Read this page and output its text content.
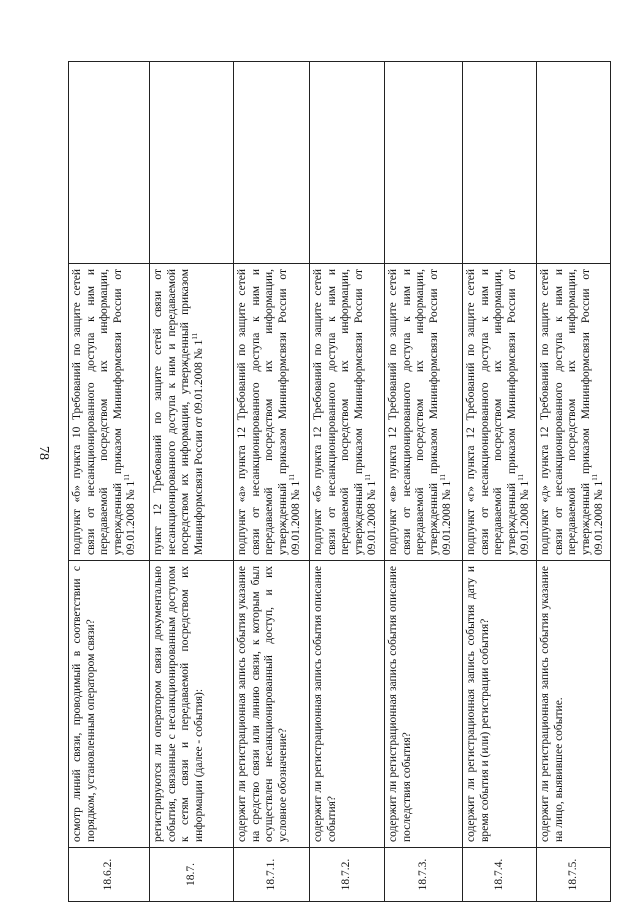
78
18.6.2.	осмотр линий связи, проводимый в соответствии с порядком, установленным оператором связи?	подпункт «б» пункта 10 Требований по защите сетей связи от несанкционированного доступа к ним и передаваемой посредством их информации, утвержденный приказом Мининформсвязи России от 09.01.2008 № $1^{11}$	
18.7.	регистрируются ли оператором связи документально события, связанные с несанкционированным доступом к сетям связи и передаваемой посредством их информации (далее - события):	пункт 12 Требований по защите сетей связи от несанкционированного доступа к ним и передаваемой посредством их информации, утвержденный приказом Мининформсвязи России от 09.01.2008 № $1^{11}$	
18.7.1.	содержит ли регистрационная запись события указание на средство связи или линию связи, к которым был осуществлен несанкционированный доступ, и их условное обозначение?	подпункт «а» пункта 12 Требований по защите сетей связи от несанкционированного доступа к ним и передаваемой посредством их информации, утвержденный приказом Мининформсвязи России от 09.01.2008 № $1^{11}$	
18.7.2.	содержит ли регистрационная запись события описание события?	подпункт «б» пункта 12 Требований по защите сетей связи от несанкционированного доступа к ним и передаваемой посредством их информации, утвержденный приказом Мининформсвязи России от 09.01.2008 № $1^{11}$	
18.7.3.	содержит ли регистрационная запись события описание последствия события?	подпункт «в» пункта 12 Требований по защите сетей связи от несанкционированного доступа к ним и передаваемой посредством их информации, утвержденный приказом Мининформсвязи России от 09.01.2008 № $1^{11}$	
18.7.4.	содержит ли регистрационная запись события дату и время события и (или) регистрации события?	подпункт «г» пункта 12 Требований по защите сетей связи от несанкционированного доступа к ним и передаваемой посредством их информации, утвержденный приказом Мининформсвязи России от 09.01.2008 № $1^{11}$	
18.7.5.	содержит ли регистрационная запись события указание на лицо, выявившее событие.	подпункт «д» пункта 12 Требований по защите сетей связи от несанкционированного доступа к ним и передаваемой посредством их информации, утвержденный приказом Мининформсвязи России от 09.01.2008 № $1^{11}$	
